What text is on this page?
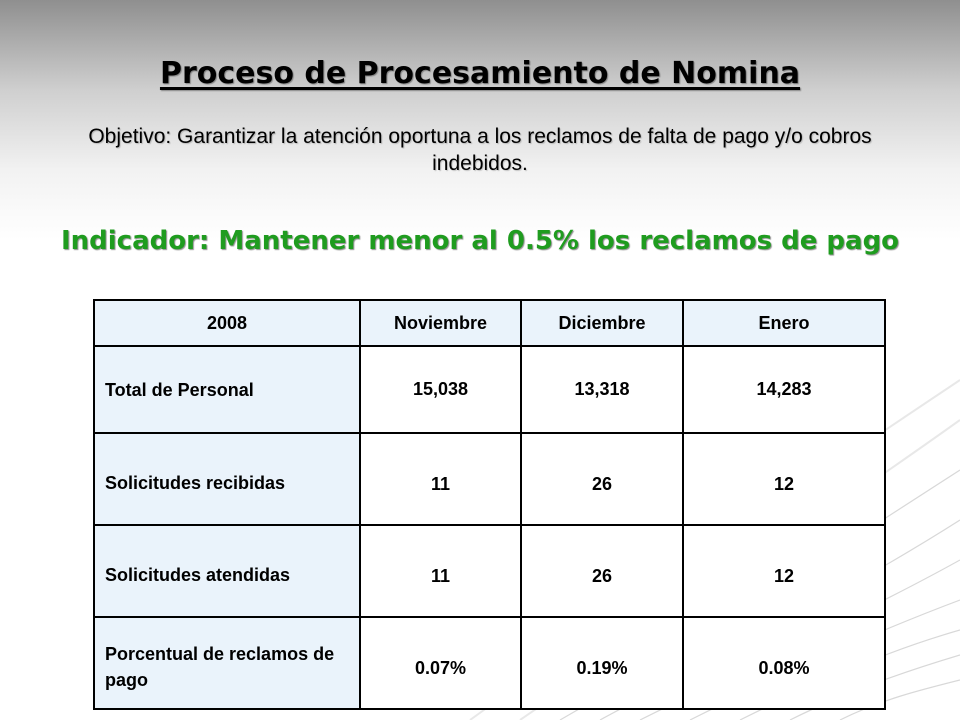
Proceso de Procesamiento de Nomina
Objetivo: Garantizar la atención oportuna a los reclamos de falta de pago y/o cobros indebidos.
Indicador: Mantener menor al 0.5% los reclamos de pago
2008	Noviembre	Diciembre	Enero
Total de Personal	15,038	13,318	14,283
Solicitudes recibidas	11	26	12
Solicitudes atendidas	11	26	12
Porcentual de reclamos de pago	0.07%	0.19%	0.08%
